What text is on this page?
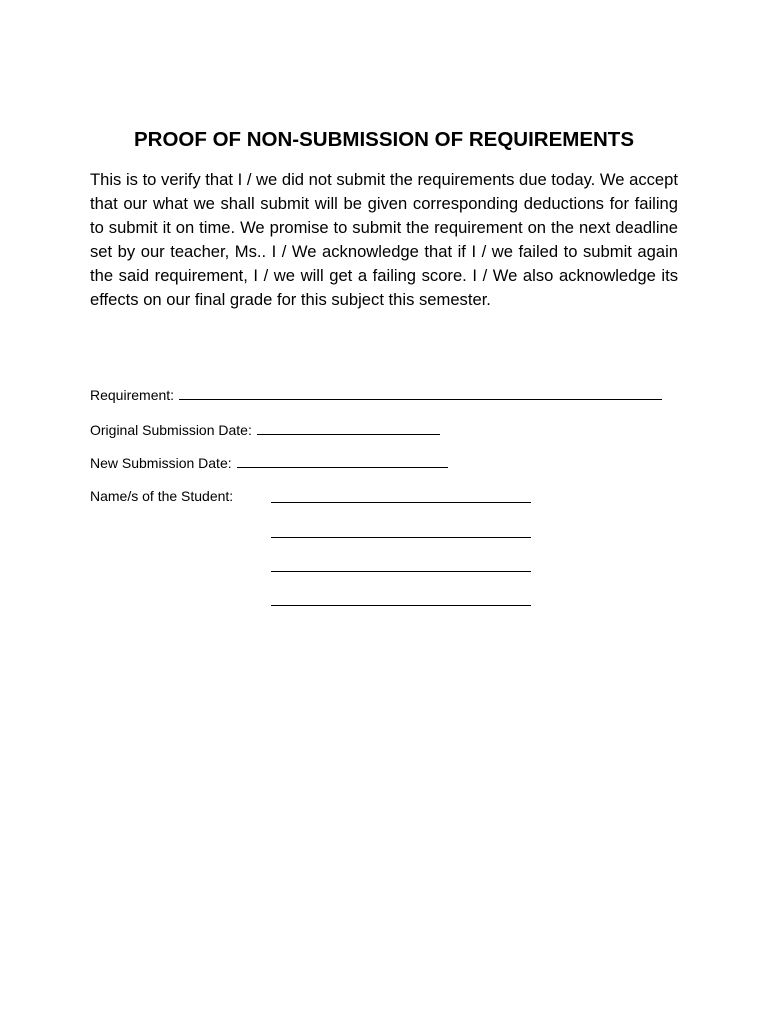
PROOF OF NON-SUBMISSION OF REQUIREMENTS

This is to verify that I / we did not submit the requirements due today. We accept that our what we shall submit will be given corresponding deductions for failing to submit it on time. We promise to submit the requirement on the next deadline set by our teacher, Ms.. I / We acknowledge that if I / we failed to submit again the said requirement, I / we will get a failing score. I / We also acknowledge its effects on our final grade for this subject this semester.

Requirement:
Original Submission Date:
New Submission Date:
Name/s of the Student:
